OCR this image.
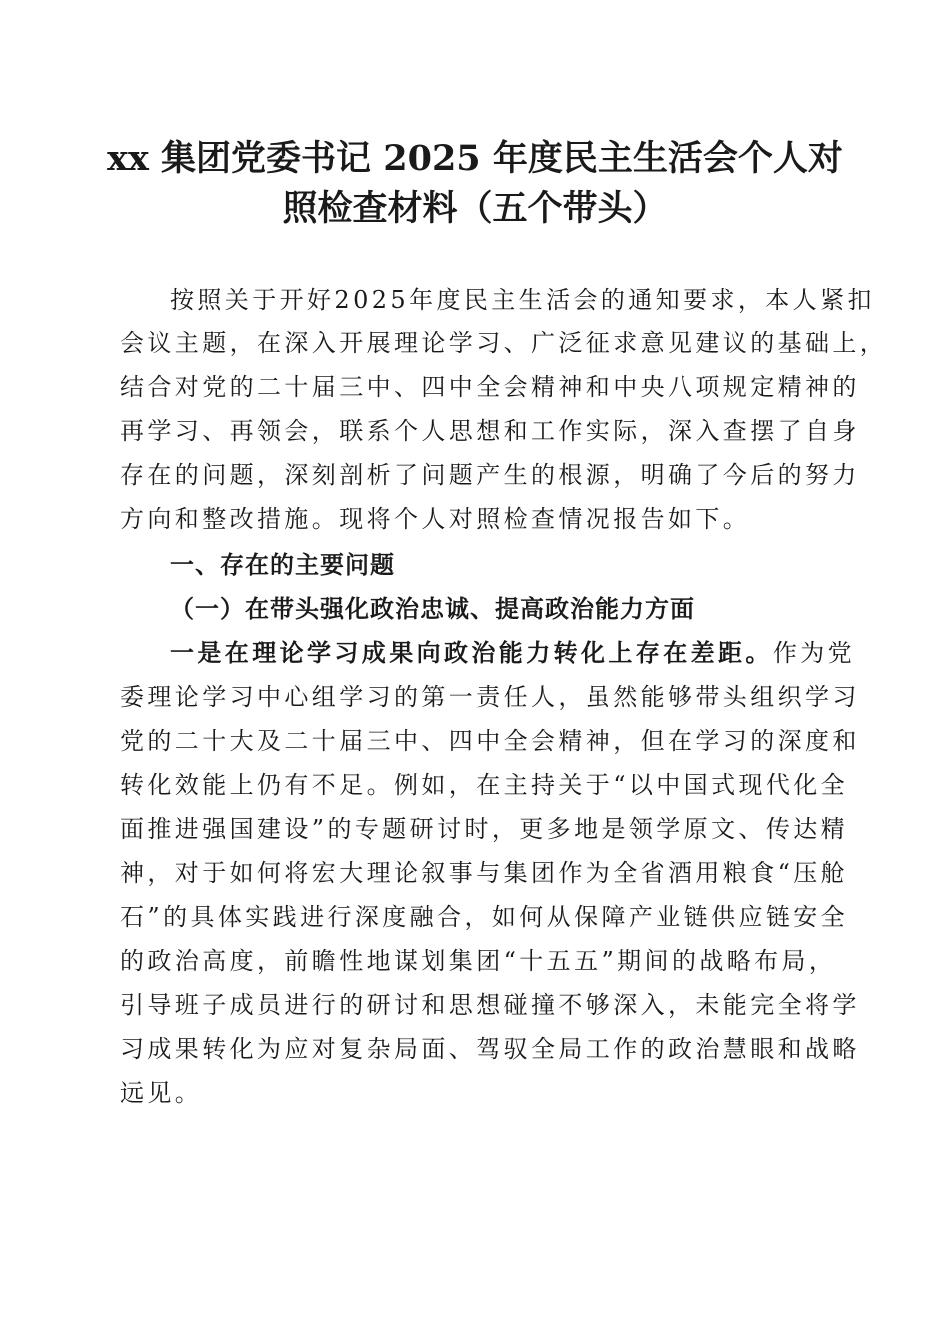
xx 集团党委书记 2025 年度民主生活会个人对
照检查材料（五个带头）

按照关于开好2025年度民主生活会的通知要求，本人紧扣

会议主题，在深入开展理论学习、广泛征求意见建议的基础上，

结合对党的二十届三中、四中全会精神和中央八项规定精神的

再学习、再领会，联系个人思想和工作实际，深入查摆了自身

存在的问题，深刻剖析了问题产生的根源，明确了今后的努力

方向和整改措施。现将个人对照检查情况报告如下。

一、存在的主要问题
（一）在带头强化政治忠诚、提高政治能力方面

一是在理论学习成果向政治能力转化上存在差距。作为党

委理论学习中心组学习的第一责任人，虽然能够带头组织学习

党的二十大及二十届三中、四中全会精神，但在学习的深度和

转化效能上仍有不足。例如，在主持关于“以中国式现代化全

面推进强国建设”的专题研讨时，更多地是领学原文、传达精

神，对于如何将宏大理论叙事与集团作为全省酒用粮食“压舱

石”的具体实践进行深度融合，如何从保障产业链供应链安全

的政治高度，前瞻性地谋划集团“十五五”期间的战略布局，

引导班子成员进行的研讨和思想碰撞不够深入，未能完全将学

习成果转化为应对复杂局面、驾驭全局工作的政治慧眼和战略

远见。
